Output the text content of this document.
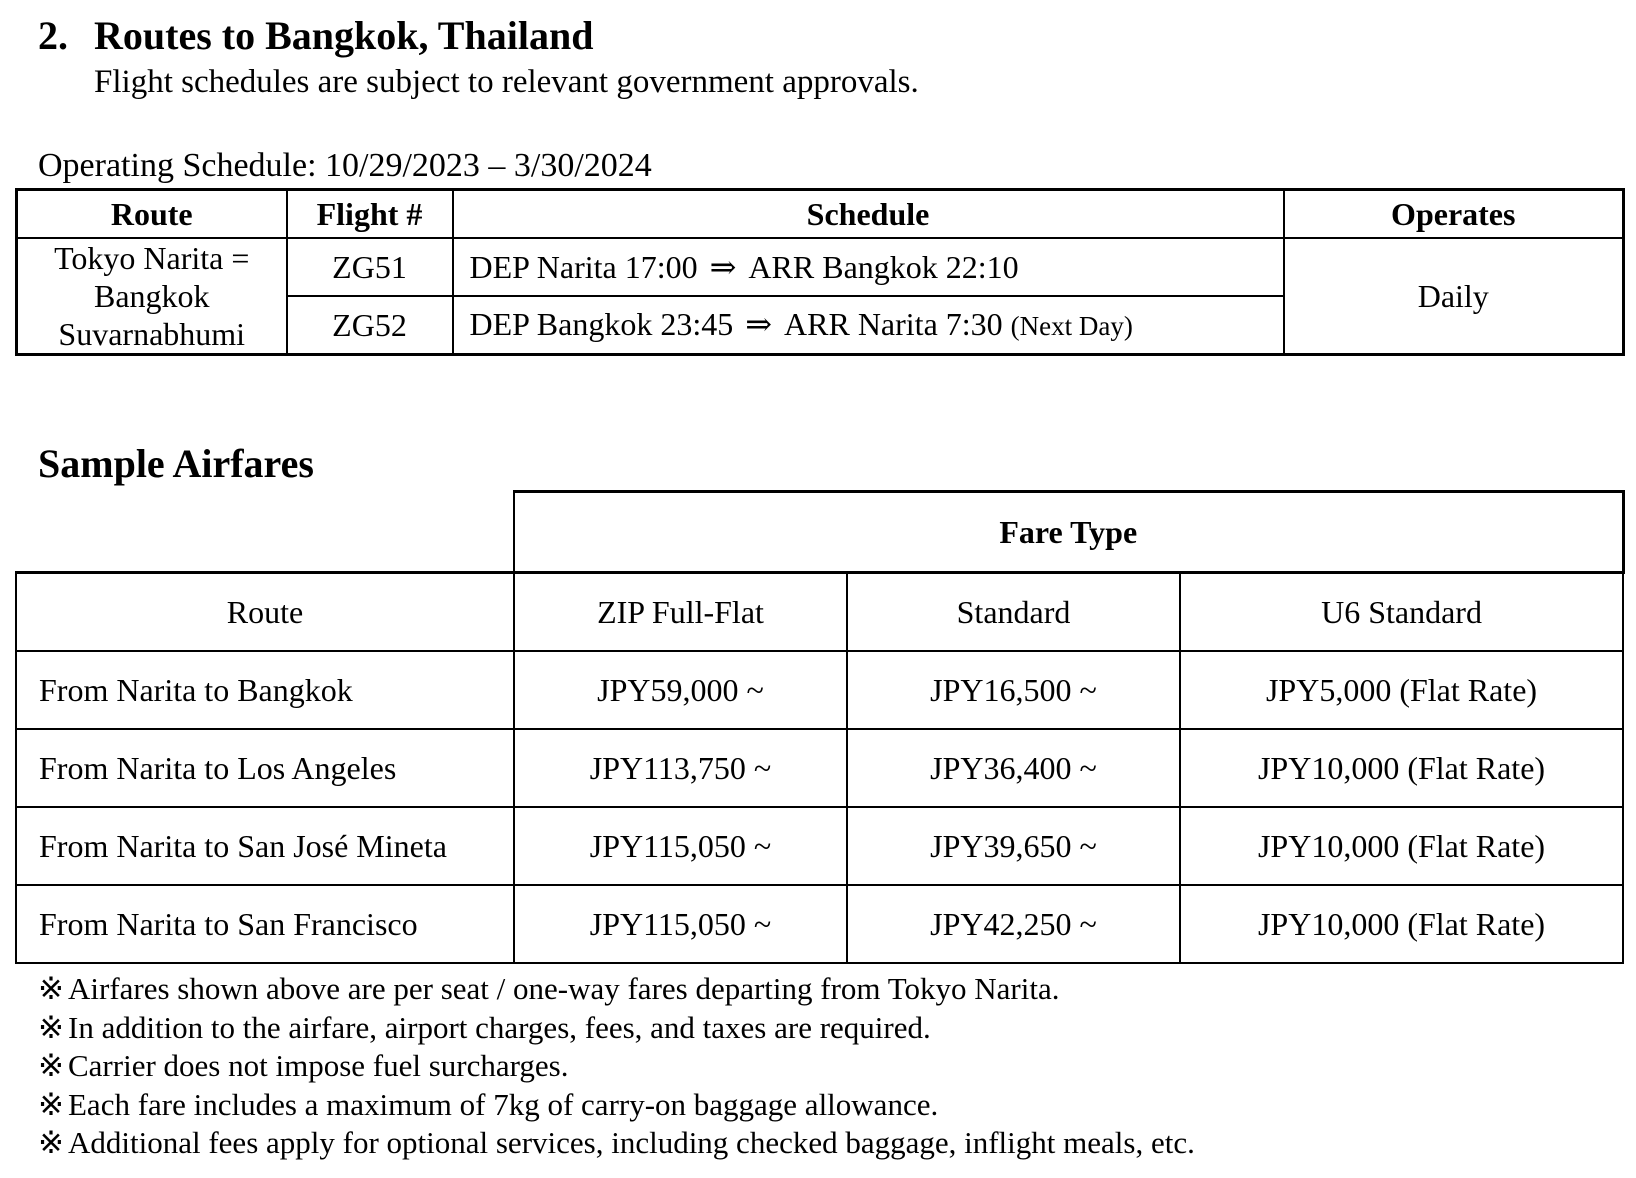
2. Routes to Bangkok, Thailand
Flight schedules are subject to relevant government approvals.
Operating Schedule: 10/29/2023 – 3/30/2024
Route	Flight #	Schedule	Operates

Tokyo Narita =
Bangkok
Suvarnabhumi	ZG51	DEP Narita 17:00 ⇒ ARR Bangkok 22:10	Daily
	ZG52	DEP Bangkok 23:45 ⇒ ARR Narita 7:30 (Next Day)	
Sample Airfares
	Fare Type		
Route	ZIP Full-Flat	Standard	U6 Standard
From Narita to Bangkok	JPY59,000 ~	JPY16,500 ~	JPY5,000 (Flat Rate)
From Narita to Los Angeles	JPY113,750 ~	JPY36,400 ~	JPY10,000 (Flat Rate)
From Narita to San José Mineta	JPY115,050 ~	JPY39,650 ~	JPY10,000 (Flat Rate)
From Narita to San Francisco	JPY115,050 ~	JPY42,250 ~	JPY10,000 (Flat Rate)
※ Airfares shown above are per seat / one-way fares departing from Tokyo Narita.
※ In addition to the airfare, airport charges, fees, and taxes are required.
※ Carrier does not impose fuel surcharges.
※ Each fare includes a maximum of 7kg of carry-on baggage allowance.
※ Additional fees apply for optional services, including checked baggage, inflight meals, etc.
